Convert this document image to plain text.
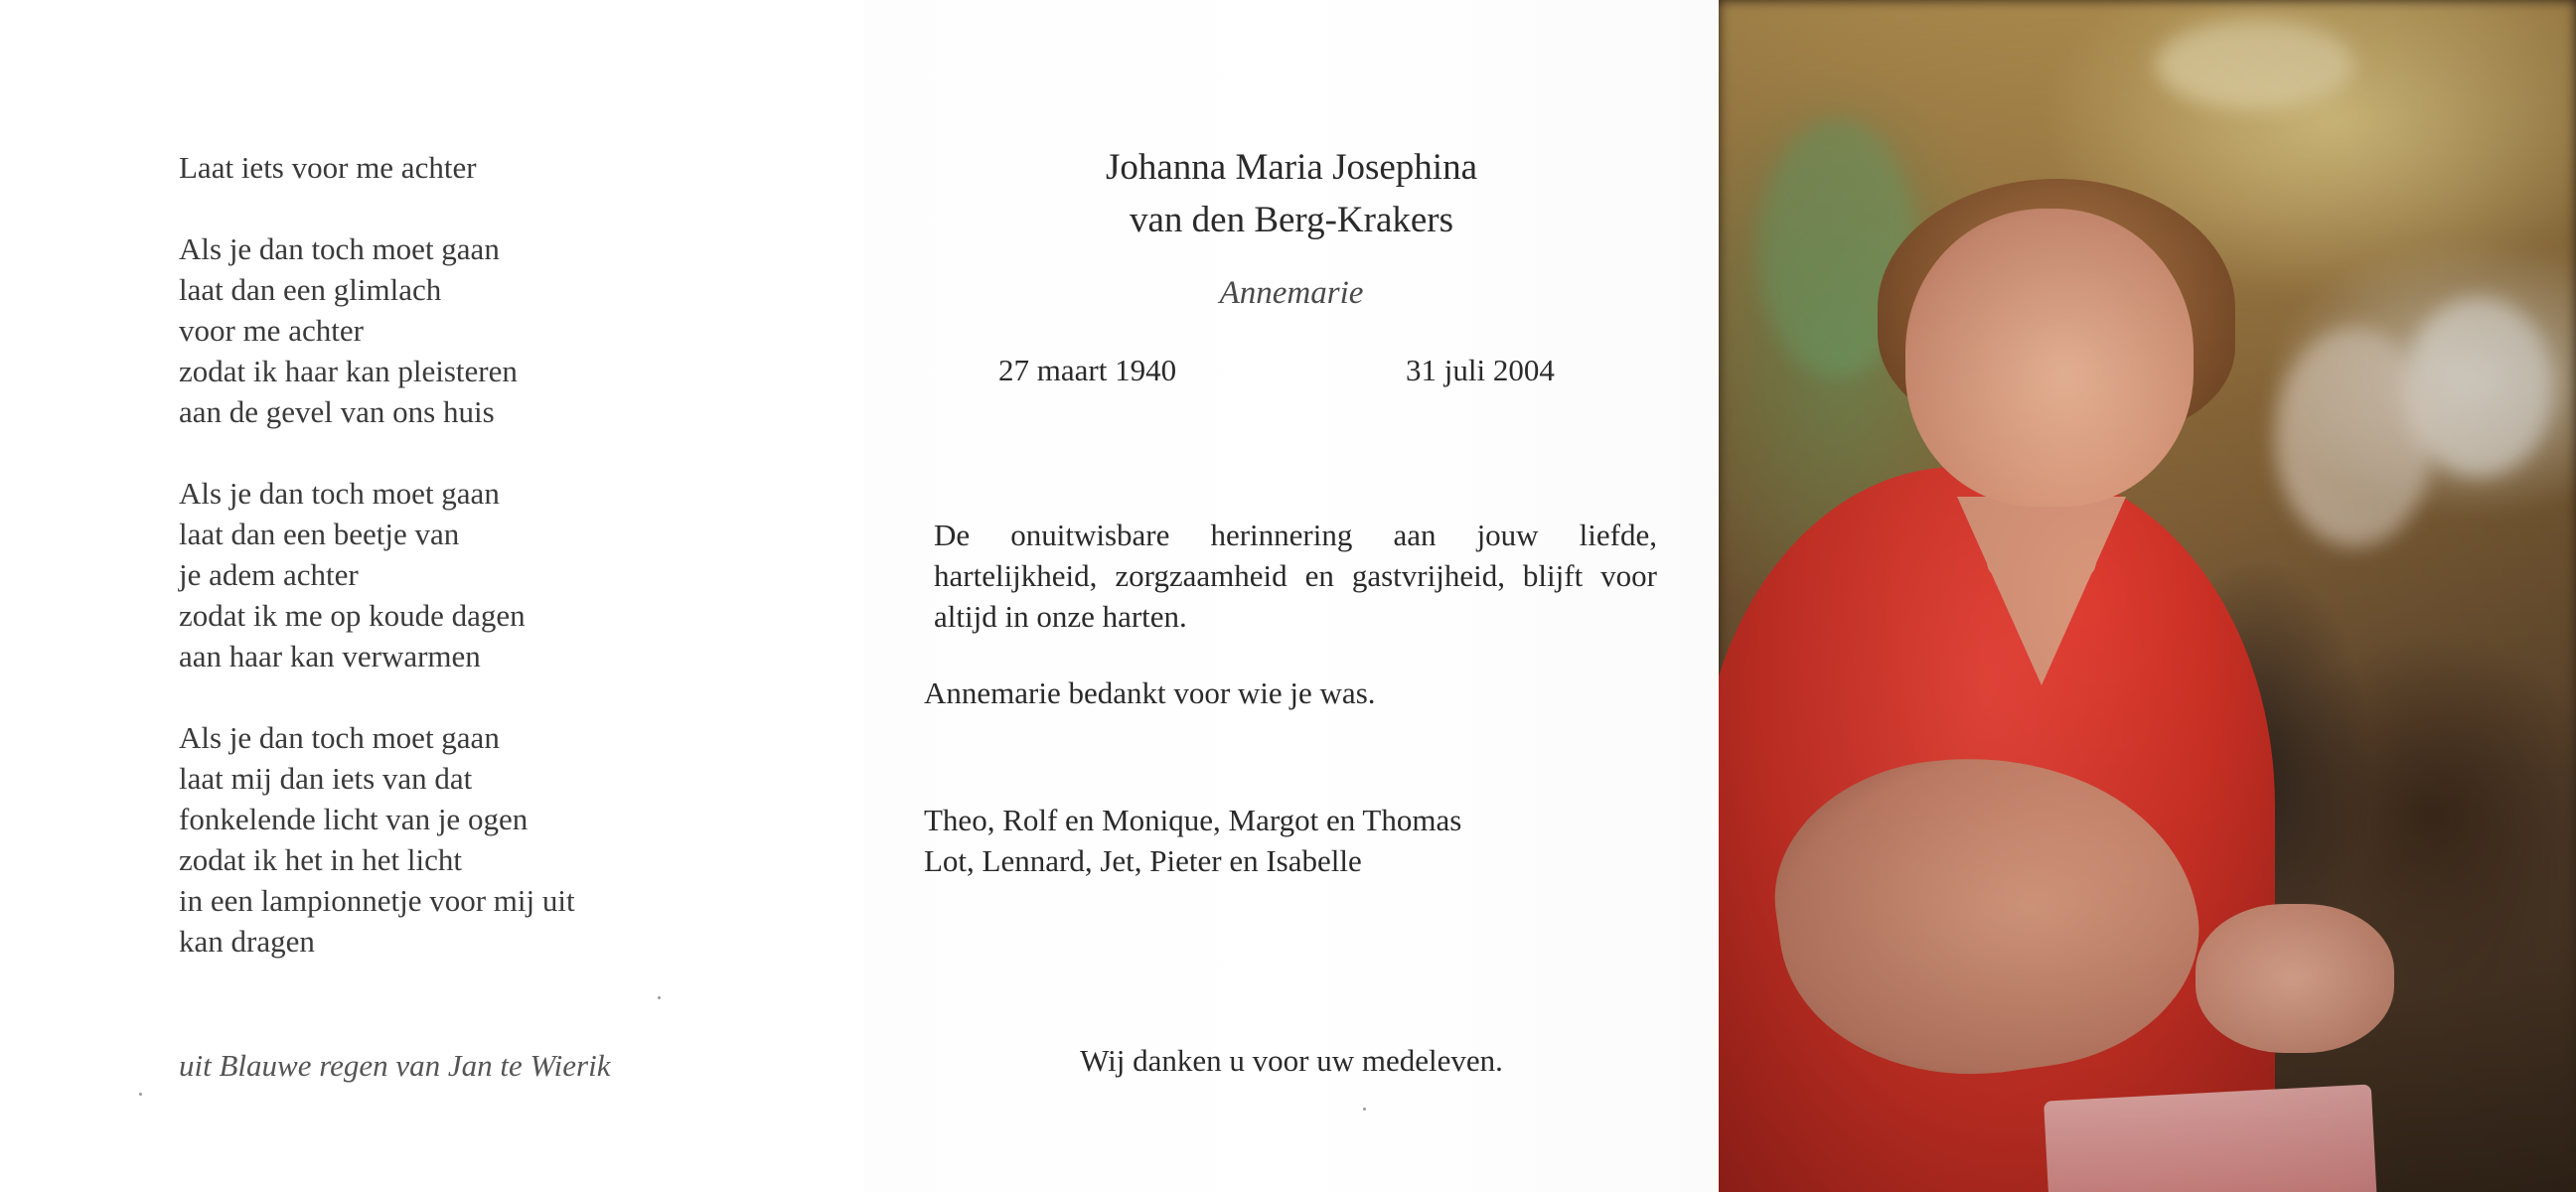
Laat iets voor me achter
Als je dan toch moet gaan
laat dan een glimlach
voor me achter
zodat ik haar kan pleisteren
aan de gevel van ons huis
Als je dan toch moet gaan
laat dan een beetje van
je adem achter
zodat ik me op koude dagen
aan haar kan verwarmen
Als je dan toch moet gaan
laat mij dan iets van dat
fonkelende licht van je ogen
zodat ik het in het licht
in een lampionnetje voor mij uit
kan dragen
uit Blauwe regen van Jan te Wierik
Johanna Maria Josephina
van den Berg-Krakers
Annemarie
27 maart 1940	31 juli 2004
De onuitwisbare herinnering aan jouw liefde, hartelijkheid, zorgzaamheid en gastvrijheid, blijft voor altijd in onze harten.
Annemarie bedankt voor wie je was.
Theo, Rolf en Monique, Margot en Thomas
Lot, Lennard, Jet, Pieter en Isabelle
Wij danken u voor uw medeleven.
